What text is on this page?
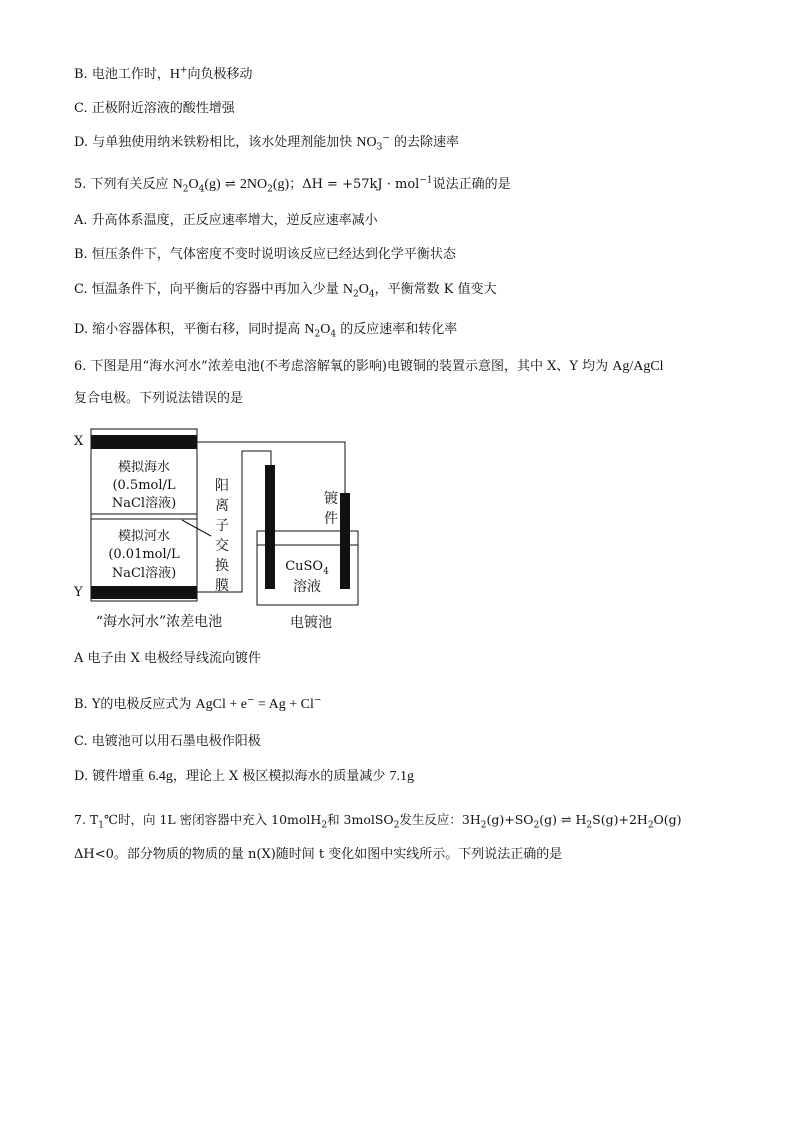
B. 电池工作时，H+向负极移动
C. 正极附近溶液的酸性增强
D. 与单独使用纳米铁粉相比，该水处理剂能加快 $NO_3^-$ 的去除速率
5. 下列有关反应 $N_2O_4(g)$ ⇌ $2NO_2(g)$；ΔH = +57kJ · mol$^{-1}$说法正确的是
A. 升高体系温度，正反应速率增大，逆反应速率减小
B. 恒压条件下，气体密度不变时说明该反应已经达到化学平衡状态
C. 恒温条件下，向平衡后的容器中再加入少量 $N_2O_4$，平衡常数 K 值变大
D. 缩小容器体积，平衡右移，同时提高 $N_2O_4$ 的反应速率和转化率
6. 下图是用“海水河水”浓差电池(不考虑溶解氧的影响)电镀铜的装置示意图，其中 X、Y 均为 Ag/AgCl
复合电极。下列说法错误的是
X
Y
模拟海水
(0.5mol/L
NaCl溶液)
模拟河水
(0.01mol/L
NaCl溶液)
阳
离
子
交
换
膜
镀
件
CuSO$_4$
溶液
“海水河水”浓差电池	电镀池
A 电子由 X 电极经导线流向镀件
B. Y的电极反应式为 AgCl + e− = Ag + Cl−
C. 电镀池可以用石墨电极作阳极
D. 镀件增重 6.4g，理论上 X 极区模拟海水的质量减少 7.1g
7. $T_1℃$时，向 1L 密闭容器中充入 10molH$_2$和 3molSO$_2$发生反应：$3H_2(g)+SO_2(g)$ ⇌ $H_2S(g)+2H_2O(g)$
ΔH<0。部分物质的物质的量 n(X)随时间 t 变化如图中实线所示。下列说法正确的是
